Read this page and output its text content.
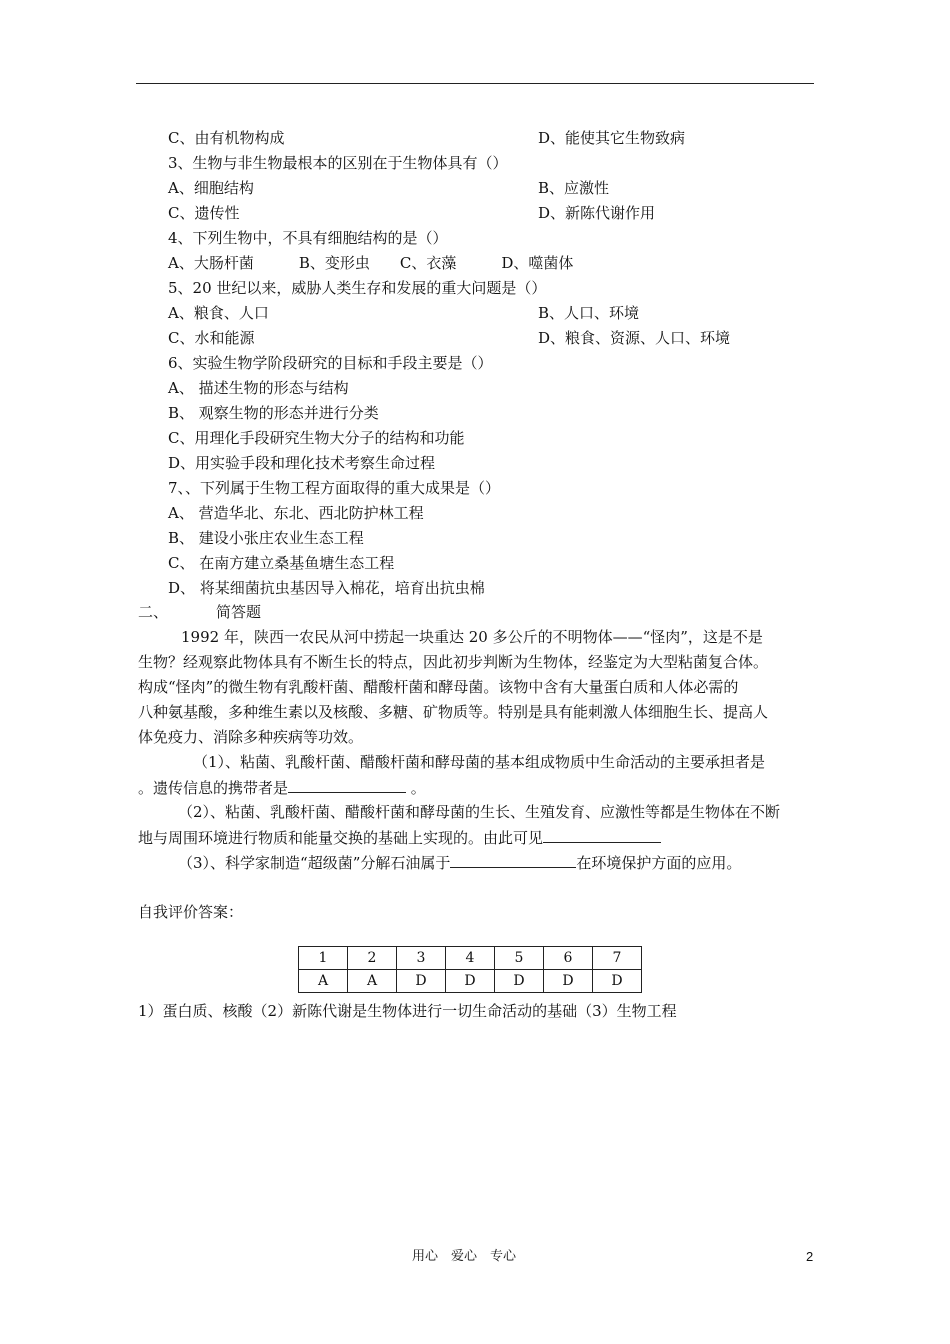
C、由有机物构成	D、能使其它生物致病
3、生物与非生物最根本的区别在于生物体具有（）
A、细胞结构	B、应激性
C、遗传性	D、新陈代谢作用
4、下列生物中，不具有细胞结构的是（）
A、大肠杆菌　　　B、变形虫　　C、衣藻　　　D、噬菌体
5、20 世纪以来，威胁人类生存和发展的重大问题是（）
A、粮食、人口	B、人口、环境
C、水和能源	D、粮食、资源、人口、环境
6、实验生物学阶段研究的目标和手段主要是（）
A、 描述生物的形态与结构
B、 观察生物的形态并进行分类
C、用理化手段研究生物大分子的结构和功能
D、用实验手段和理化技术考察生命过程
7、、下列属于生物工程方面取得的重大成果是（）
A、 营造华北、东北、西北防护林工程
B、 建设小张庄农业生态工程
C、 在南方建立桑基鱼塘生态工程
D、 将某细菌抗虫基因导入棉花，培育出抗虫棉
二、	简答题
1992 年，陕西一农民从河中捞起一块重达 20 多公斤的不明物体——“怪肉”，这是不是
生物？经观察此物体具有不断生长的特点，因此初步判断为生物体，经鉴定为大型粘菌复合体。
构成“怪肉”的微生物有乳酸杆菌、醋酸杆菌和酵母菌。该物中含有大量蛋白质和人体必需的
八种氨基酸，多种维生素以及核酸、多糖、矿物质等。特别是具有能刺激人体细胞生长、提高人
体免疫力、消除多种疾病等功效。
（1）、粘菌、乳酸杆菌、醋酸杆菌和酵母菌的基本组成物质中生命活动的主要承担者是
。遗传信息的携带者是	。
（2）、粘菌、乳酸杆菌、醋酸杆菌和酵母菌的生长、生殖发育、应激性等都是生物体在不断
地与周围环境进行物质和能量交换的基础上实现的。由此可见
（3）、科学家制造“超级菌”分解石油属于	在环境保护方面的应用。
自我评价答案：
1	2	3	4	5	6	7
A	A	D	D	D	D	D
1）蛋白质、核酸（2）新陈代谢是生物体进行一切生命活动的基础（3）生物工程
用心　爱心　专心	2
